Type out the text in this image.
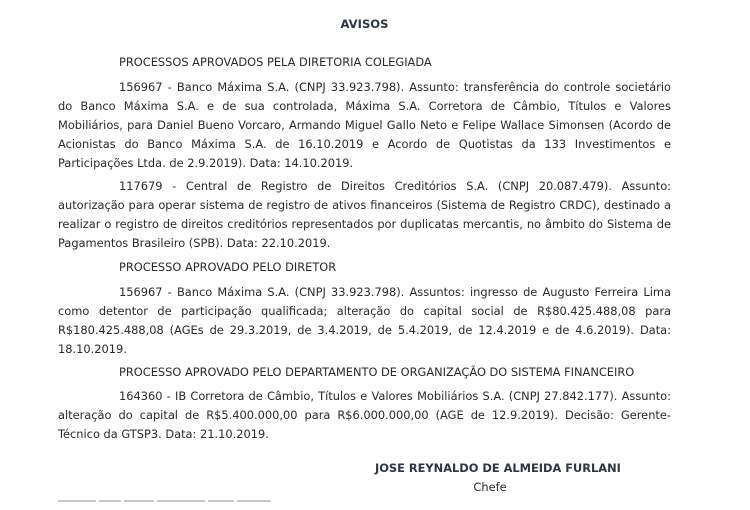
AVISOS
PROCESSOS APROVADOS PELA DIRETORIA COLEGIADA
156967 - Banco Máxima S.A. (CNPJ 33.923.798). Assunto: transferência do controle societário do Banco Máxima S.A. e de sua controlada, Máxima S.A. Corretora de Câmbio, Títulos e Valores Mobiliários, para Daniel Bueno Vorcaro, Armando Miguel Gallo Neto e Felipe Wallace Simonsen (Acordo de Acionistas do Banco Máxima S.A. de 16.10.2019 e Acordo de Quotistas da 133 Investimentos e Participações Ltda. de 2.9.2019). Data: 14.10.2019.
117679 - Central de Registro de Direitos Creditórios S.A. (CNPJ 20.087.479). Assunto: autorização para operar sistema de registro de ativos financeiros (Sistema de Registro CRDC), destinado a realizar o registro de direitos creditórios representados por duplicatas mercantis, no âmbito do Sistema de Pagamentos Brasileiro (SPB). Data: 22.10.2019.
PROCESSO APROVADO PELO DIRETOR
156967 - Banco Máxima S.A. (CNPJ 33.923.798). Assuntos: ingresso de Augusto Ferreira Lima como detentor de participação qualificada; alteração do capital social de R$80.425.488,08 para R$180.425.488,08 (AGEs de 29.3.2019, de 3.4.2019, de 5.4.2019, de 12.4.2019 e de 4.6.2019). Data: 18.10.2019.
PROCESSO APROVADO PELO DEPARTAMENTO DE ORGANIZAÇÃO DO SISTEMA FINANCEIRO
164360 - IB Corretora de Câmbio, Títulos e Valores Mobiliários S.A. (CNPJ 27.842.177). Assunto: alteração do capital de R$5.400.000,00 para R$6.000.000,00 (AGE de 12.9.2019). Decisão: Gerente-Técnico da GTSP3. Data: 21.10.2019.
JOSE REYNALDO DE ALMEIDA FURLANI
Chefe
